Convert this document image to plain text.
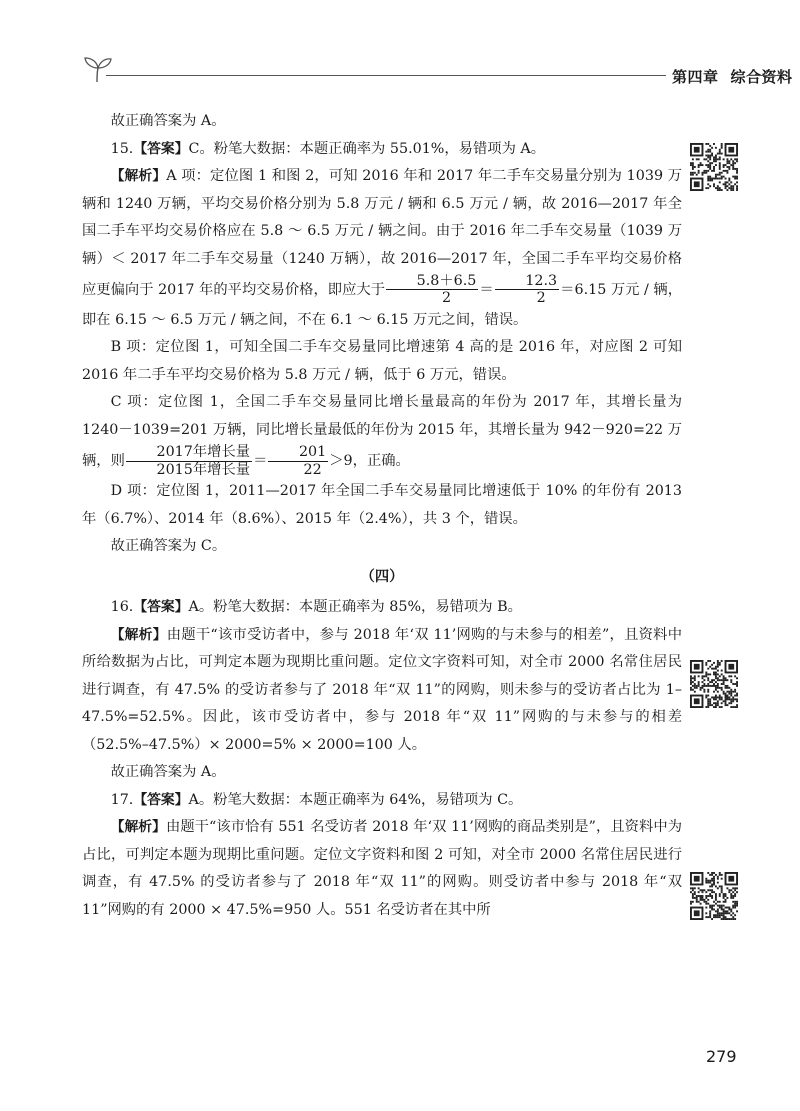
第四章 综合资料

故正确答案为 A。

15.【答案】C。粉笔大数据：本题正确率为 55.01%，易错项为 A。

【解析】A 项：定位图 1 和图 2，可知 2016 年和 2017 年二手车交易量分别为 1039 万辆和 1240 万辆，平均交易价格分别为 5.8 万元 / 辆和 6.5 万元 / 辆，故 2016—2017 年全国二手车平均交易价格应在 5.8 ～ 6.5 万元 / 辆之间。由于 2016 年二手车交易量（1039 万辆）＜ 2017 年二手车交易量（1240 万辆），故 2016—2017 年，全国二手车平均交易价格应更偏向于 2017 年的平均交易价格，即应大于 $\frac{5.8+6.5}{2} = \frac{12.3}{2} =6.15$ 万元 / 辆，即在 6.15 ～ 6.5 万元 / 辆之间，不在 6.1 ～ 6.15 万元之间，错误。

B 项：定位图 1，可知全国二手车交易量同比增速第 4 高的是 2016 年，对应图 2 可知 2016 年二手车平均交易价格为 5.8 万元 / 辆，低于 6 万元，错误。

C 项：定位图 1，全国二手车交易量同比增长量最高的年份为 2017 年，其增长量为 1240－1039=201 万辆，同比增长量最低的年份为 2015 年，其增长量为 942－920=22 万辆，则 $\frac{\text{2017年增长量}}{\text{2015年增长量}} = \frac{201}{22} >9$，正确。

D 项：定位图 1，2011—2017 年全国二手车交易量同比增速低于 10% 的年份有 2013 年（6.7%）、2014 年（8.6%）、2015 年（2.4%），共 3 个，错误。

故正确答案为 C。

（四）

16.【答案】A。粉笔大数据：本题正确率为 85%，易错项为 B。

【解析】由题干“该市受访者中，参与 2018 年‘双 11’网购的与未参与的相差”，且资料中所给数据为占比，可判定本题为现期比重问题。定位文字资料可知，对全市 2000 名常住居民进行调查，有 47.5% 的受访者参与了 2018 年“双 11”的网购，则未参与的受访者占比为 1–47.5%=52.5%。因此，该市受访者中，参与 2018 年“双 11”网购的与未参与的相差（52.5%–47.5%）× 2000=5% × 2000=100 人。

故正确答案为 A。

17.【答案】A。粉笔大数据：本题正确率为 64%，易错项为 C。

【解析】由题干“该市恰有 551 名受访者 2018 年‘双 11’网购的商品类别是”，且资料中为占比，可判定本题为现期比重问题。定位文字资料和图 2 可知，对全市 2000 名常住居民进行调查，有 47.5% 的受访者参与了 2018 年“双 11”的网购。则受访者中参与 2018 年“双 11”网购的有 2000 × 47.5%=950 人。551 名受访者在其中所

279
